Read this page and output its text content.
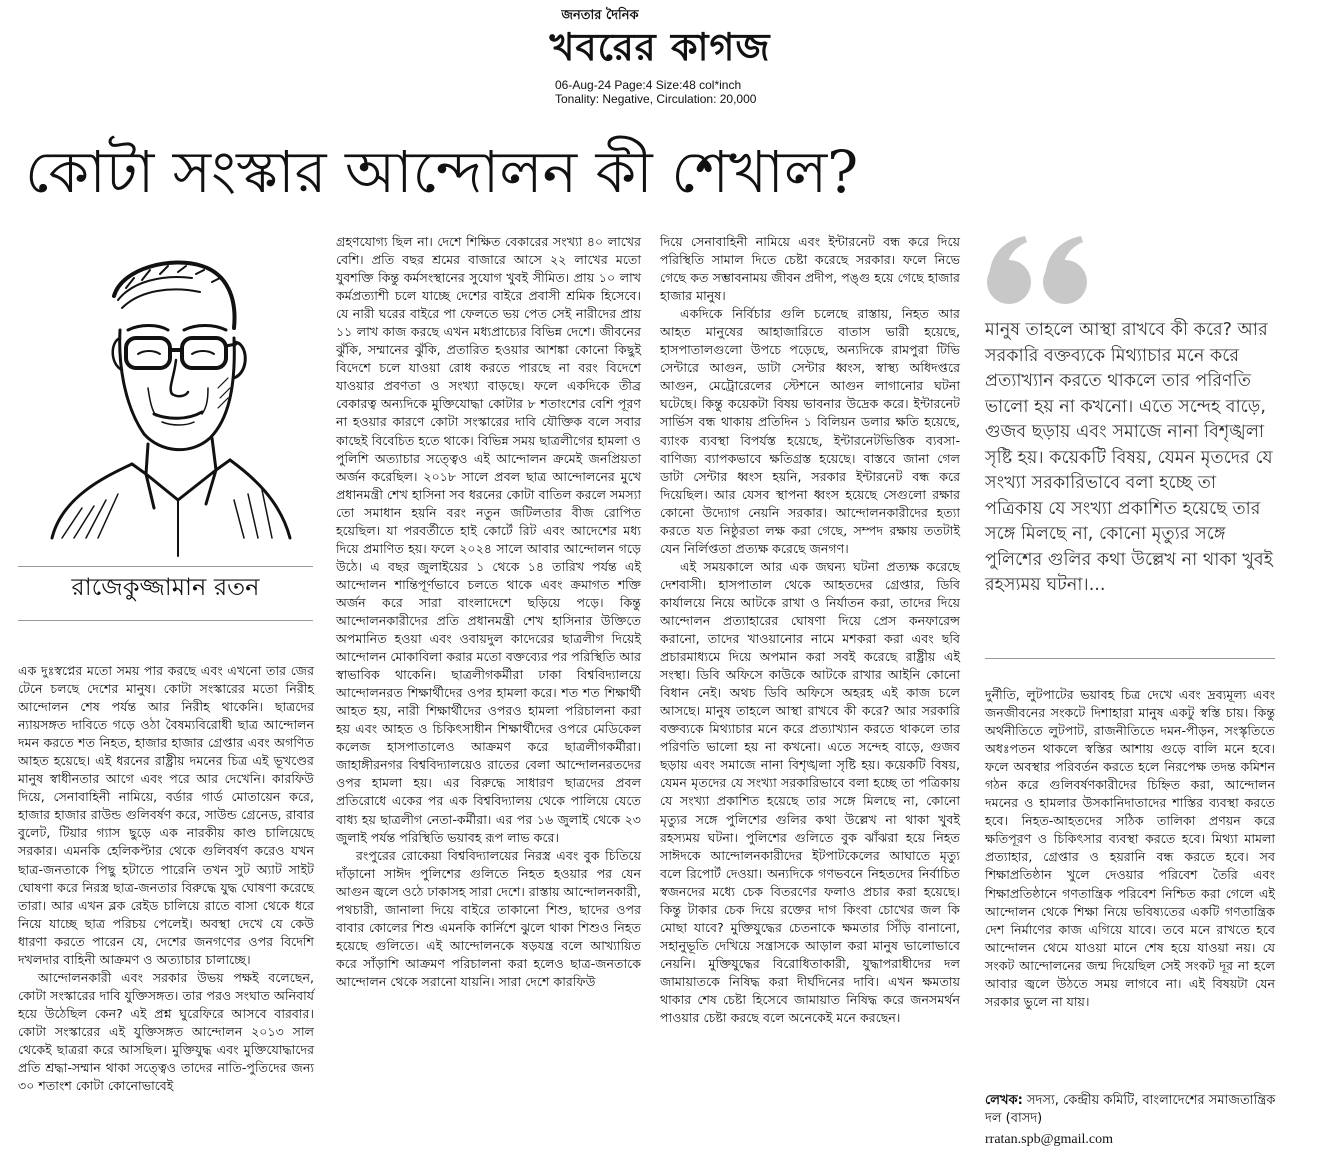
জনতার দৈনিক
খবরের কাগজ
06-Aug-24 Page:4 Size:48 col*inch
Tonality: Negative, Circulation: 20,000
কোটা সংস্কার আন্দোলন কী শেখাল?
রাজেকুজ্জামান রতন

এক দুঃস্বপ্নের মতো সময় পার করছে এবং এখনো তার জের টেনে চলছে দেশের মানুষ। কোটা সংস্কারের মতো নিরীহ আন্দোলন শেষ পর্যন্ত আর নিরীহ থাকেনি। ছাত্রদের ন্যায়সঙ্গত দাবিতে গড়ে ওঠা বৈষম্যবিরোধী ছাত্র আন্দোলন দমন করতে শত নিহত, হাজার হাজার গ্রেপ্তার এবং অগণিত আহত হয়েছে। এই ধরনের রাষ্ট্রীয় দমনের চিত্র এই ভূখণ্ডের মানুষ স্বাধীনতার আগে এবং পরে আর দেখেনি। কারফিউ দিয়ে, সেনাবাহিনী নামিয়ে, বর্ডার গার্ড মোতায়েন করে, হাজার হাজার রাউন্ড গুলিবর্ষণ করে, সাউন্ড গ্রেনেড, রাবার বুলেট, টিয়ার গ্যাস ছুড়ে এক নারকীয় কাণ্ড চালিয়েছে সরকার। এমনকি হেলিকপ্টার থেকে গুলিবর্ষণ করেও যখন ছাত্র-জনতাকে পিছু হটাতে পারেনি তখন সুট অ্যাট সাইট ঘোষণা করে নিরস্ত্র ছাত্র-জনতার বিরুদ্ধে যুদ্ধ ঘোষণা করেছে তারা। আর এখন ব্লক রেইড চালিয়ে রাতে বাসা থেকে ধরে নিয়ে যাচ্ছে ছাত্র পরিচয় পেলেই। অবস্থা দেখে যে কেউ ধারণা করতে পারেন যে, দেশের জনগণের ওপর বিদেশি দখলদার বাহিনী আক্রমণ ও অত্যাচার চালাচ্ছে।

আন্দোলনকারী এবং সরকার উভয় পক্ষই বলেছেন, কোটা সংস্কারের দাবি যুক্তিসঙ্গত। তার পরও সংঘাত অনিবার্য হয়ে উঠেছিল কেন? এই প্রশ্ন ঘুরেফিরে আসবে বারবার। কোটা সংস্কারের এই যুক্তিসঙ্গত আন্দোলন ২০১৩ সাল থেকেই ছাত্ররা করে আসছিল। মুক্তিযুদ্ধ এবং মুক্তিযোদ্ধাদের প্রতি শ্রদ্ধা-সম্মান থাকা সত্ত্বেও তাদের নাতি-পুতিদের জন্য ৩০ শতাংশ কোটা কোনোভাবেই

গ্রহণযোগ্য ছিল না। দেশে শিক্ষিত বেকারের সংখ্যা ৪০ লাখের বেশি। প্রতি বছর শ্রমের বাজারে আসে ২২ লাখের মতো যুবশক্তি কিন্তু কর্মসংস্থানের সুযোগ খুবই সীমিত। প্রায় ১০ লাখ কর্মপ্রত্যাশী চলে যাচ্ছে দেশের বাইরে প্রবাসী শ্রমিক হিসেবে। যে নারী ঘরের বাইরে পা ফেলতে ভয় পেত সেই নারীদের প্রায় ১১ লাখ কাজ করছে এখন মধ্যপ্রাচ্যের বিভিন্ন দেশে। জীবনের ঝুঁকি, সম্মানের ঝুঁকি, প্রতারিত হওয়ার আশঙ্কা কোনো কিছুই বিদেশে চলে যাওয়া রোধ করতে পারছে না বরং বিদেশে যাওয়ার প্রবণতা ও সংখ্যা বাড়ছে। ফলে একদিকে তীব্র বেকারত্ব অন্যদিকে মুক্তিযোদ্ধা কোটার ৮ শতাংশের বেশি পূরণ না হওয়ার কারণে কোটা সংস্কারের দাবি যৌক্তিক বলে সবার কাছেই বিবেচিত হতে থাকে। বিভিন্ন সময় ছাত্রলীগের হামলা ও পুলিশি অত্যাচার সত্ত্বেও এই আন্দোলন ক্রমেই জনপ্রিয়তা অর্জন করেছিল। ২০১৮ সালে প্রবল ছাত্র আন্দোলনের মুখে প্রধানমন্ত্রী শেখ হাসিনা সব ধরনের কোটা বাতিল করলে সমস্যা তো সমাধান হয়নি বরং নতুন জটিলতার বীজ রোপিত হয়েছিল। যা পরবর্তীতে হাই কোর্টে রিট এবং আদেশের মধ্য দিয়ে প্রমাণিত হয়। ফলে ২০২৪ সালে আবার আন্দোলন গড়ে উঠে। এ বছর জুলাইয়ের ১ থেকে ১৪ তারিখ পর্যন্ত এই আন্দোলন শান্তিপূর্ণভাবে চলতে থাকে এবং ক্রমাগত শক্তি অর্জন করে সারা বাংলাদেশে ছড়িয়ে পড়ে। কিন্তু আন্দোলনকারীদের প্রতি প্রধানমন্ত্রী শেখ হাসিনার উক্তিতে অপমানিত হওয়া এবং ওবায়দুল কাদেরের ছাত্রলীগ দিয়েই আন্দোলন মোকাবিলা করার মতো বক্তব্যের পর পরিস্থিতি আর স্বাভাবিক থাকেনি। ছাত্রলীগকর্মীরা ঢাকা বিশ্ববিদ্যালয়ে আন্দোলনরত শিক্ষার্থীদের ওপর হামলা করে। শত শত শিক্ষার্থী আহত হয়, নারী শিক্ষার্থীদের ওপরও হামলা পরিচালনা করা হয় এবং আহত ও চিকিৎসাধীন শিক্ষার্থীদের ওপরে মেডিকেল কলেজ হাসপাতালেও আক্রমণ করে ছাত্রলীগকর্মীরা। জাহাঙ্গীরনগর বিশ্ববিদ্যালয়েও রাতের বেলা আন্দোলনরতদের ওপর হামলা হয়। এর বিরুদ্ধে সাধারণ ছাত্রদের প্রবল প্রতিরোধে একের পর এক বিশ্ববিদ্যালয় থেকে পালিয়ে যেতে বাধ্য হয় ছাত্রলীগ নেতা-কর্মীরা। এর পর ১৬ জুলাই থেকে ২৩ জুলাই পর্যন্ত পরিস্থিতি ভয়াবহ রূপ লাভ করে।

রংপুরের রোকেয়া বিশ্ববিদ্যালয়ের নিরস্ত্র এবং বুক চিতিয়ে দাঁড়ানো সাঈদ পুলিশের গুলিতে নিহত হওয়ার পর যেন আগুন জ্বলে ওঠে ঢাকাসহ সারা দেশে। রাস্তায় আন্দোলনকারী, পথচারী, জানালা দিয়ে বাইরে তাকানো শিশু, ছাদের ওপর বাবার কোলের শিশু এমনকি কার্নিশে ঝুলে থাকা শিশুও নিহত হয়েছে গুলিতে। এই আন্দোলনকে ষড়যন্ত্র বলে আখ্যায়িত করে সাঁড়াশি আক্রমণ পরিচালনা করা হলেও ছাত্র-জনতাকে আন্দোলন থেকে সরানো যায়নি। সারা দেশে কারফিউ

দিয়ে সেনাবাহিনী নামিয়ে এবং ইন্টারনেট বন্ধ করে দিয়ে পরিস্থিতি সামাল দিতে চেষ্টা করেছে সরকার। ফলে নিভে গেছে কত সম্ভাবনাময় জীবন প্রদীপ, পঙ্গু হয়ে গেছে হাজার হাজার মানুষ।

একদিকে নির্বিচার গুলি চলেছে রাস্তায়, নিহত আর আহত মানুষের আহাজারিতে বাতাস ভারী হয়েছে, হাসপাতালগুলো উপচে পড়েছে, অন্যদিকে রামপুরা টিভি সেন্টারে আগুন, ডাটা সেন্টার ধ্বংস, স্বাস্থ্য অধিদপ্তরে আগুন, মেট্রোরেলের স্টেশনে আগুন লাগানোর ঘটনা ঘটেছে। কিন্তু কয়েকটা বিষয় ভাবনার উদ্রেক করে। ইন্টারনেট সার্ভিস বন্ধ থাকায় প্রতিদিন ১ বিলিয়ন ডলার ক্ষতি হয়েছে, ব্যাংক ব্যবস্থা বিপর্যস্ত হয়েছে, ইন্টারনেটভিত্তিক ব্যবসা-বাণিজ্য ব্যাপকভাবে ক্ষতিগ্রস্ত হয়েছে। বাস্তবে জানা গেল ডাটা সেন্টার ধ্বংস হয়নি, সরকার ইন্টারনেট বন্ধ করে দিয়েছিল। আর যেসব স্থাপনা ধ্বংস হয়েছে সেগুলো রক্ষার কোনো উদ্যোগ নেয়নি সরকার। আন্দোলনকারীদের হত্যা করতে যত নিষ্ঠুরতা লক্ষ করা গেছে, সম্পদ রক্ষায় ততটাই যেন নির্লিপ্ততা প্রত্যক্ষ করেছে জনগণ।

এই সময়কালে আর এক জঘন্য ঘটনা প্রত্যক্ষ করেছে দেশবাসী। হাসপাতাল থেকে আহতদের গ্রেপ্তার, ডিবি কার্যালয়ে নিয়ে আটকে রাখা ও নির্যাতন করা, তাদের দিয়ে আন্দোলন প্রত্যাহারের ঘোষণা দিয়ে প্রেস কনফারেন্স করানো, তাদের খাওয়ানোর নামে মশকরা করা এবং ছবি প্রচারমাধ্যমে দিয়ে অপমান করা সবই করেছে রাষ্ট্রীয় এই সংস্থা। ডিবি অফিসে কাউকে আটকে রাখার আইনি কোনো বিধান নেই। অথচ ডিবি অফিসে অহরহ এই কাজ চলে আসছে। মানুষ তাহলে আস্থা রাখবে কী করে? আর সরকারি বক্তব্যকে মিথ্যাচার মনে করে প্রত্যাখ্যান করতে থাকলে তার পরিণতি ভালো হয় না কখনো। এতে সন্দেহ বাড়ে, গুজব ছড়ায় এবং সমাজে নানা বিশৃঙ্খলা সৃষ্টি হয়। কয়েকটি বিষয়, যেমন মৃতদের যে সংখ্যা সরকারিভাবে বলা হচ্ছে তা পত্রিকায় যে সংখ্যা প্রকাশিত হয়েছে তার সঙ্গে মিলছে না, কোনো মৃত্যুর সঙ্গে পুলিশের গুলির কথা উল্লেখ না থাকা খুবই রহস্যময় ঘটনা। পুলিশের গুলিতে বুক ঝাঁঝরা হয়ে নিহত সাঈদকে আন্দোলনকারীদের ইটপাটকেলের আঘাতে মৃত্যু বলে রিপোর্ট দেওয়া। অন্যদিকে গণভবনে নিহতদের নির্বাচিত স্বজনদের মধ্যে চেক বিতরণের ফলাও প্রচার করা হয়েছে। কিন্তু টাকার চেক দিয়ে রক্তের দাগ কিংবা চোখের জল কি মোছা যাবে? মুক্তিযুদ্ধের চেতনাকে ক্ষমতার সিঁড়ি বানানো, সহানুভূতি দেখিয়ে সন্ত্রাসকে আড়াল করা মানুষ ভালোভাবে নেয়নি। মুক্তিযুদ্ধের বিরোধিতাকারী, যুদ্ধাপরাধীদের দল জামায়াতকে নিষিদ্ধ করা দীর্ঘদিনের দাবি। এখন ক্ষমতায় থাকার শেষ চেষ্টা হিসেবে জামায়াত নিষিদ্ধ করে জনসমর্থন পাওয়ার চেষ্টা করছে বলে অনেকেই মনে করছেন।

মানুষ তাহলে আস্থা রাখবে কী করে? আর সরকারি বক্তব্যকে মিথ্যাচার মনে করে প্রত্যাখ্যান করতে থাকলে তার পরিণতি ভালো হয় না কখনো। এতে সন্দেহ বাড়ে, গুজব ছড়ায় এবং সমাজে নানা বিশৃঙ্খলা সৃষ্টি হয়। কয়েকটি বিষয়, যেমন মৃতদের যে সংখ্যা সরকারিভাবে বলা হচ্ছে তা পত্রিকায় যে সংখ্যা প্রকাশিত হয়েছে তার সঙ্গে মিলছে না, কোনো মৃত্যুর সঙ্গে পুলিশের গুলির কথা উল্লেখ না থাকা খুবই রহস্যময় ঘটনা।...

দুর্নীতি, লুটপাটের ভয়াবহ চিত্র দেখে এবং দ্রব্যমূল্য এবং জনজীবনের সংকটে দিশাহারা মানুষ একটু স্বস্তি চায়। কিন্তু অর্থনীতিতে লুটপাট, রাজনীতিতে দমন-পীড়ন, সংস্কৃতিতে অধঃপতন থাকলে স্বস্তির আশায় গুড়ে বালি মনে হবে। ফলে অবস্থার পরিবর্তন করতে হলে নিরপেক্ষ তদন্ত কমিশন গঠন করে গুলিবর্ষণকারীদের চিহ্নিত করা, আন্দোলন দমনের ও হামলার উসকানিদাতাদের শাস্তির ব্যবস্থা করতে হবে। নিহত-আহতদের সঠিক তালিকা প্রণয়ন করে ক্ষতিপূরণ ও চিকিৎসার ব্যবস্থা করতে হবে। মিথ্যা মামলা প্রত্যাহার, গ্রেপ্তার ও হয়রানি বন্ধ করতে হবে। সব শিক্ষাপ্রতিষ্ঠান খুলে দেওয়ার পরিবেশ তৈরি এবং শিক্ষাপ্রতিষ্ঠানে গণতান্ত্রিক পরিবেশ নিশ্চিত করা গেলে এই আন্দোলন থেকে শিক্ষা নিয়ে ভবিষ্যতের একটি গণতান্ত্রিক দেশ নির্মাণের কাজ এগিয়ে যাবে। তবে মনে রাখতে হবে আন্দোলন থেমে যাওয়া মানে শেষ হয়ে যাওয়া নয়। যে সংকট আন্দোলনের জন্ম দিয়েছিল সেই সংকট দূর না হলে আবার জ্বলে উঠতে সময় লাগবে না। এই বিষয়টা যেন সরকার ভুলে না যায়।

লেখক: সদস্য, কেন্দ্রীয় কমিটি, বাংলাদেশের সমাজতান্ত্রিক দল (বাসদ)
rratan.spb@gmail.com
